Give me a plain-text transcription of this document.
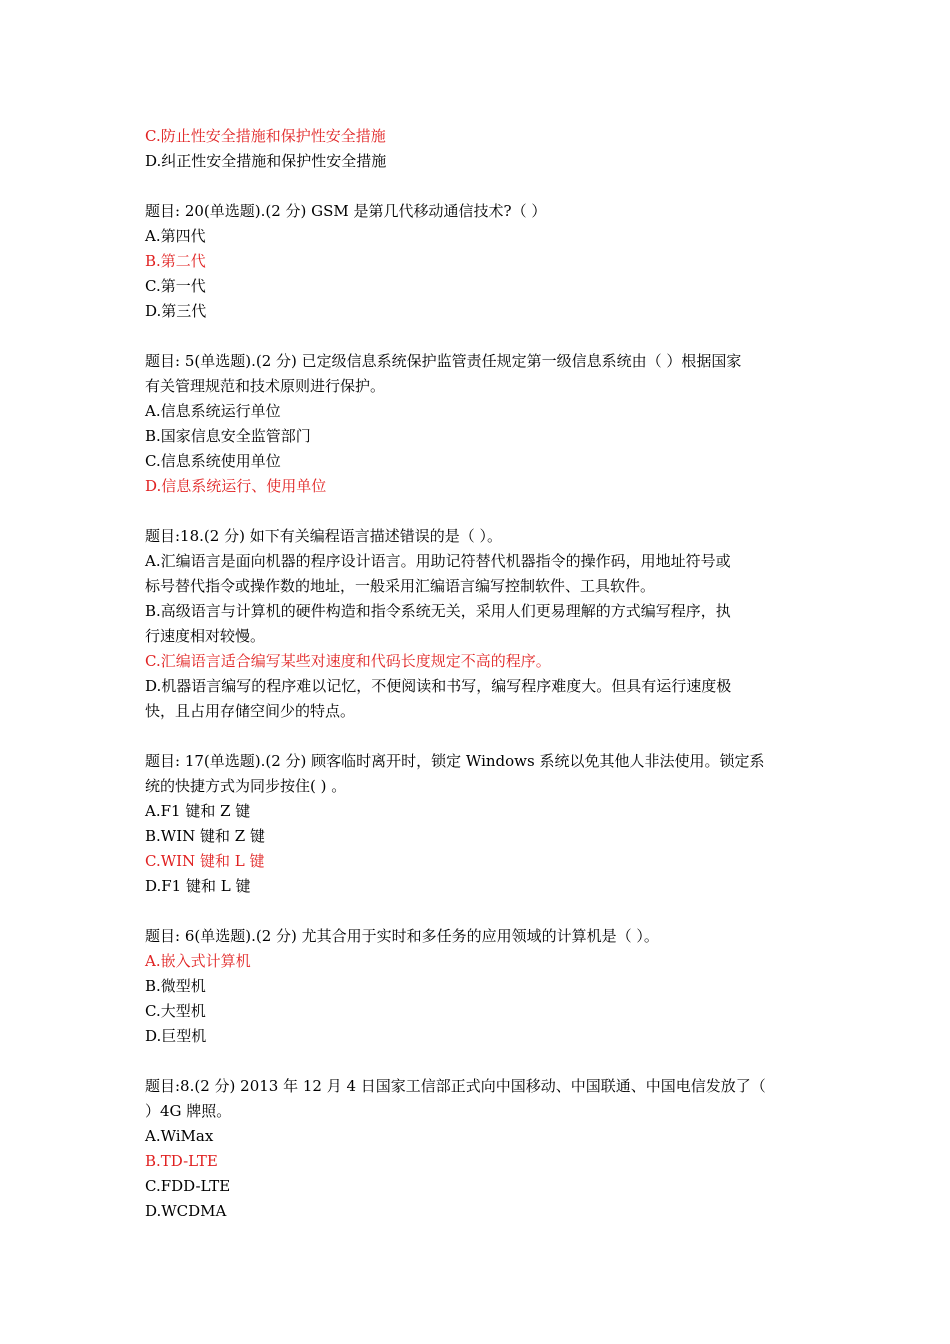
C.防止性安全措施和保护性安全措施

D.纠正性安全措施和保护性安全措施

题目: 20(单选题).(2 分) GSM 是第几代移动通信技术?（ ）

A.第四代

B.第二代

C.第一代

D.第三代

题目: 5(单选题).(2 分) 已定级信息系统保护监管责任规定第一级信息系统由（ ）根据国家

有关管理规范和技术原则进行保护。

A.信息系统运行单位

B.国家信息安全监管部门

C.信息系统使用单位

D.信息系统运行、使用单位

题目:18.(2 分) 如下有关编程语言描述错误的是（ ）。

A.汇编语言是面向机器的程序设计语言。用助记符替代机器指令的操作码，用地址符号或

标号替代指令或操作数的地址，一般采用汇编语言编写控制软件、工具软件。

B.高级语言与计算机的硬件构造和指令系统无关，采用人们更易理解的方式编写程序，执

行速度相对较慢。

C.汇编语言适合编写某些对速度和代码长度规定不高的程序。

D.机器语言编写的程序难以记忆，不便阅读和书写，编写程序难度大。但具有运行速度极

快，且占用存储空间少的特点。

题目: 17(单选题).(2 分) 顾客临时离开时，锁定 Windows 系统以免其他人非法使用。锁定系

统的快捷方式为同步按住( ) 。

A.F1 键和 Z 键

B.WIN 键和 Z 键

C.WIN 键和 L 键

D.F1 键和 L 键

题目: 6(单选题).(2 分) 尤其合用于实时和多任务的应用领域的计算机是（ ）。

A.嵌入式计算机

B.微型机

C.大型机

D.巨型机

题目:8.(2 分) 2013 年 12 月 4 日国家工信部正式向中国移动、中国联通、中国电信发放了（

）4G 牌照。

A.WiMax

B.TD-LTE

C.FDD-LTE

D.WCDMA
